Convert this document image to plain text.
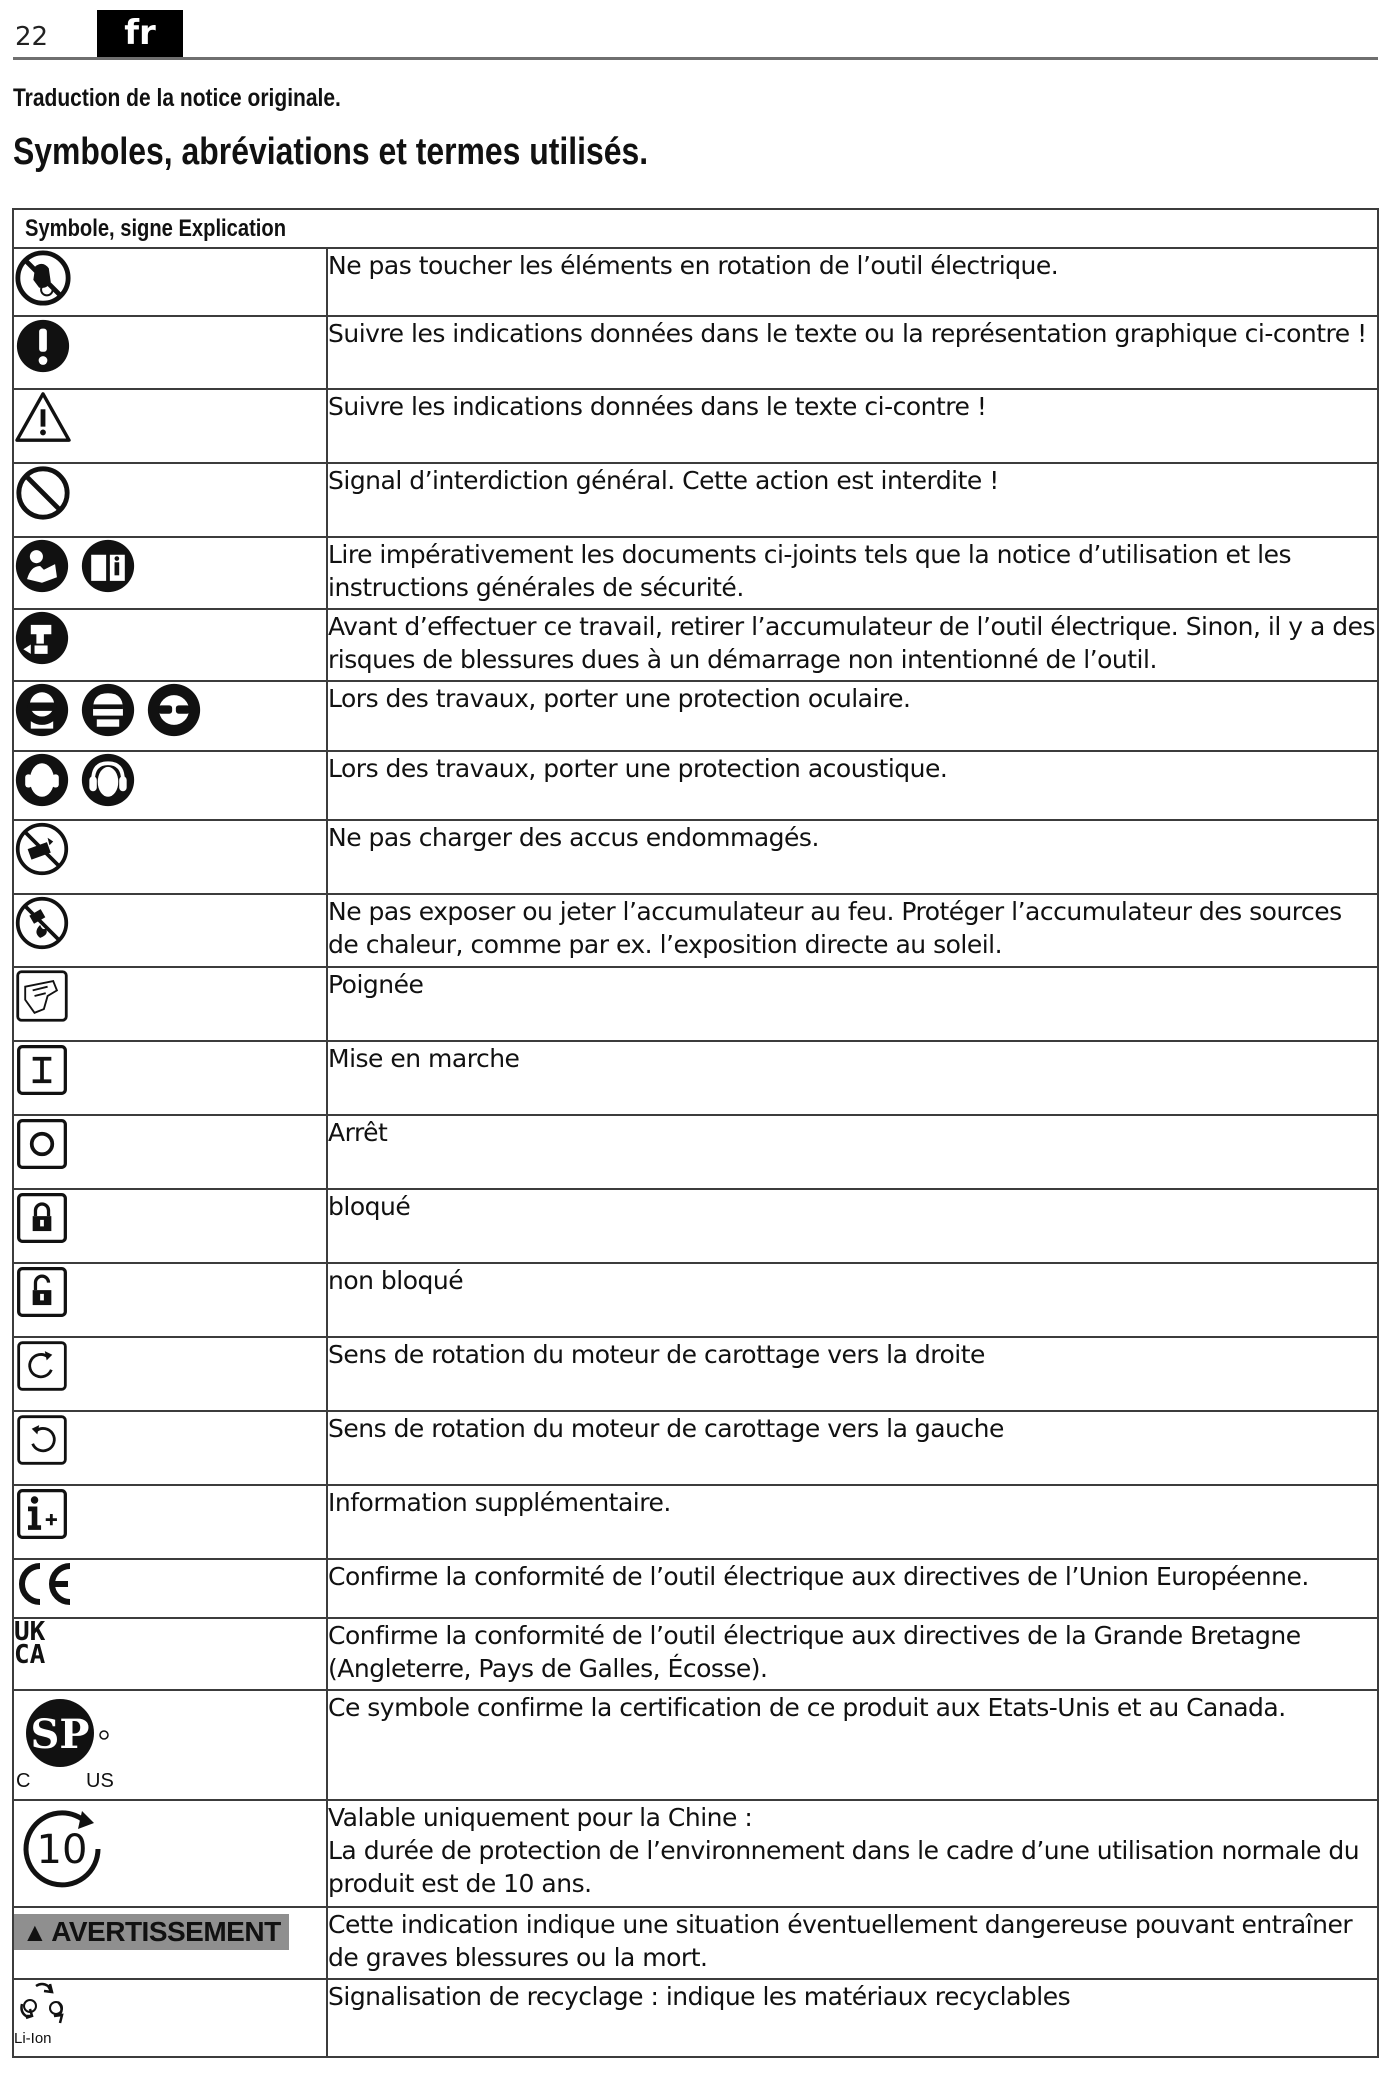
22	fr
Traduction de la notice originale.
Symboles, abréviations et termes utilisés.
Symbole, signe Explication	
	Ne pas toucher les éléments en rotation de l’outil électrique.
	Suivre les indications données dans le texte ou la représentation graphique ci-contre !
	Suivre les indications données dans le texte ci-contre !
	Signal d’interdiction général. Cette action est interdite !
	Lire impérativement les documents ci-joints tels que la notice d’utilisation et les instructions générales de sécurité.
	Avant d’effectuer ce travail, retirer l’accumulateur de l’outil électrique. Sinon, il y a des risques de blessures dues à un démarrage non intentionné de l’outil.
	Lors des travaux, porter une protection oculaire.
	Lors des travaux, porter une protection acoustique.
	Ne pas charger des accus endommagés.
	Ne pas exposer ou jeter l’accumulateur au feu. Protéger l’accumulateur des sources de chaleur, comme par ex. l’exposition directe au soleil.
	Poignée
	Mise en marche
	Arrêt
	bloqué
	non bloqué
	Sens de rotation du moteur de carottage vers la droite
	Sens de rotation du moteur de carottage vers la gauche
	Information supplémentaire.
	Confirme la conformité de l’outil électrique aux directives de l’Union Européenne.

UK
CA	Confirme la conformité de l’outil électrique aux directives de la Grande Bretagne (Angleterre, Pays de Galles, Écosse).

SP
C US	Ce symbole confirme la certification de ce produit aux Etats-Unis et au Canada.

10	Valable uniquement pour la Chine :
La durée de protection de l’environnement dans le cadre d’une utilisation normale du produit est de 10 ans.
▲ AVERTISSEMENT	Cette indication indique une situation éventuellement dangereuse pouvant entraîner de graves blessures ou la mort.

Li-Ion	Signalisation de recyclage : indique les matériaux recyclables
